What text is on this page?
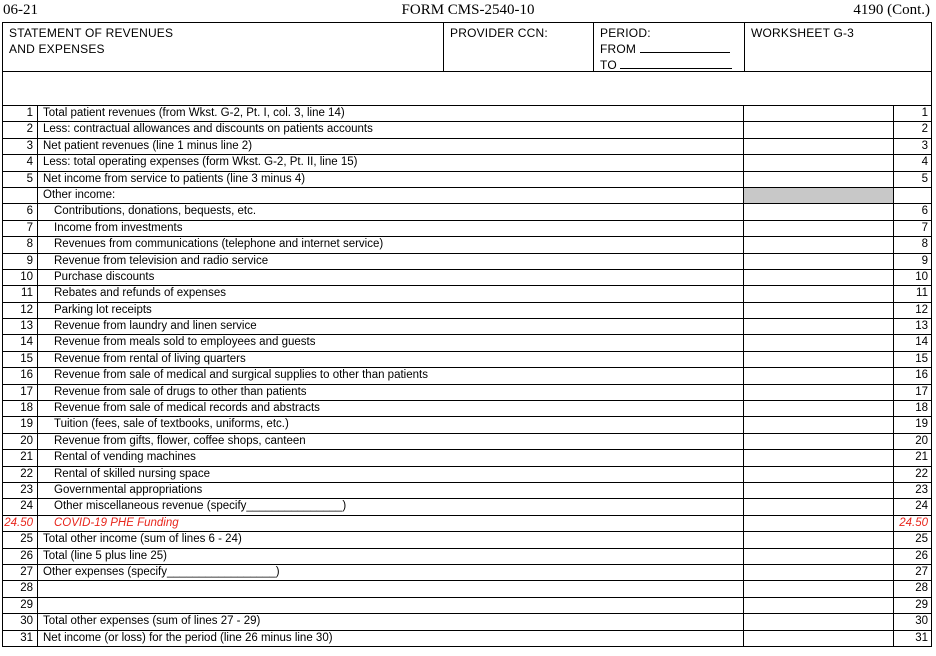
06-21	FORM CMS-2540-10	4190 (Cont.)
STATEMENT OF REVENUES
AND EXPENSES
PROVIDER CCN:	PERIOD:
FROM
TO
WORKSHEET G-3
1 Total patient revenues (from Wkst. G-2, Pt. I, col. 3, line 14)	1
2 Less: contractual allowances and discounts on patients accounts	2
3 Net patient revenues (line 1 minus line 2)	3
4 Less: total operating expenses (form Wkst. G-2, Pt. II, line 15)	4
5 Net income from service to patients (line 3 minus 4)	5
Other income:
6	Contributions, donations, bequests, etc.	6
7	Income from investments	7
8	Revenues from communications (telephone and internet service)	8
9	Revenue from television and radio service	9
10	Purchase discounts	10
11	Rebates and refunds of expenses	11
12	Parking lot receipts	12
13	Revenue from laundry and linen service	13
14	Revenue from meals sold to employees and guests	14
15	Revenue from rental of living quarters	15
16	Revenue from sale of medical and surgical supplies to other than patients	16
17	Revenue from sale of drugs to other than patients	17
18	Revenue from sale of medical records and abstracts	18
19	Tuition (fees, sale of textbooks, uniforms, etc.)	19
20	Revenue from gifts, flower, coffee shops, canteen	20
21	Rental of vending machines	21
22	Rental of skilled nursing space	22
23	Governmental appropriations	23
24	Other miscellaneous revenue (specify_______________)	24
24.50	COVID-19 PHE Funding	24.50
25 Total other income (sum of lines 6 - 24)	25
26 Total (line 5 plus line 25)	26
27 Other expenses (specify_________________)	27
28	28
29	29
30 Total other expenses (sum of lines 27 - 29)	30
31 Net income (or loss) for the period (line 26 minus line 30)	31
